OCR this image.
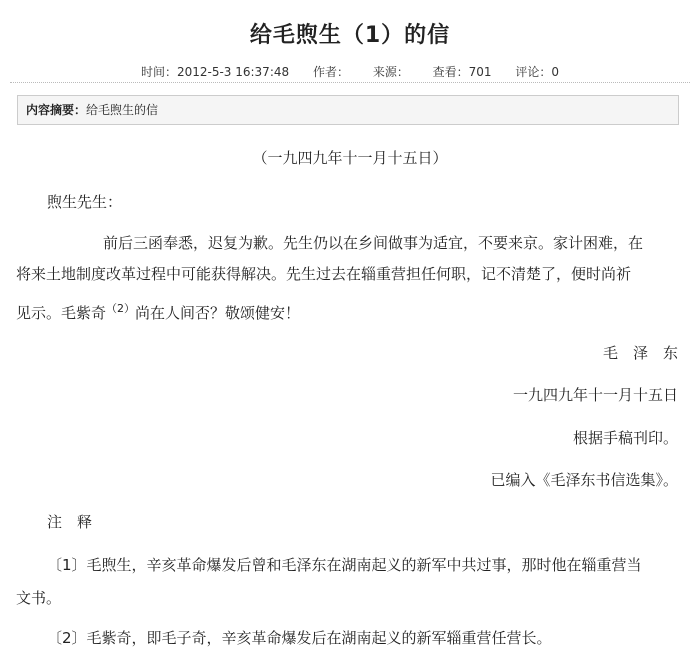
给毛煦生（1）的信
时间：2012-5-3 16:37:48 作者： 来源： 查看：701 评论：0
内容摘要：给毛煦生的信
（一九四九年十一月十五日）
煦生先生：
前后三函奉悉，迟复为歉。先生仍以在乡间做事为适宜，不要来京。家计困难，在
将来土地制度改革过程中可能获得解决。先生过去在辎重营担任何职，记不清楚了，便时尚祈
见示。毛紫奇$^{(2)}$尚在人间否？敬颂健安！
毛　泽　东
一九四九年十一月十五日
根据手稿刊印。
已编入《毛泽东书信选集》。
注　释
〔1〕毛煦生，辛亥革命爆发后曾和毛泽东在湖南起义的新军中共过事，那时他在辎重营当
文书。
〔2〕毛紫奇，即毛子奇，辛亥革命爆发后在湖南起义的新军辎重营任营长。
